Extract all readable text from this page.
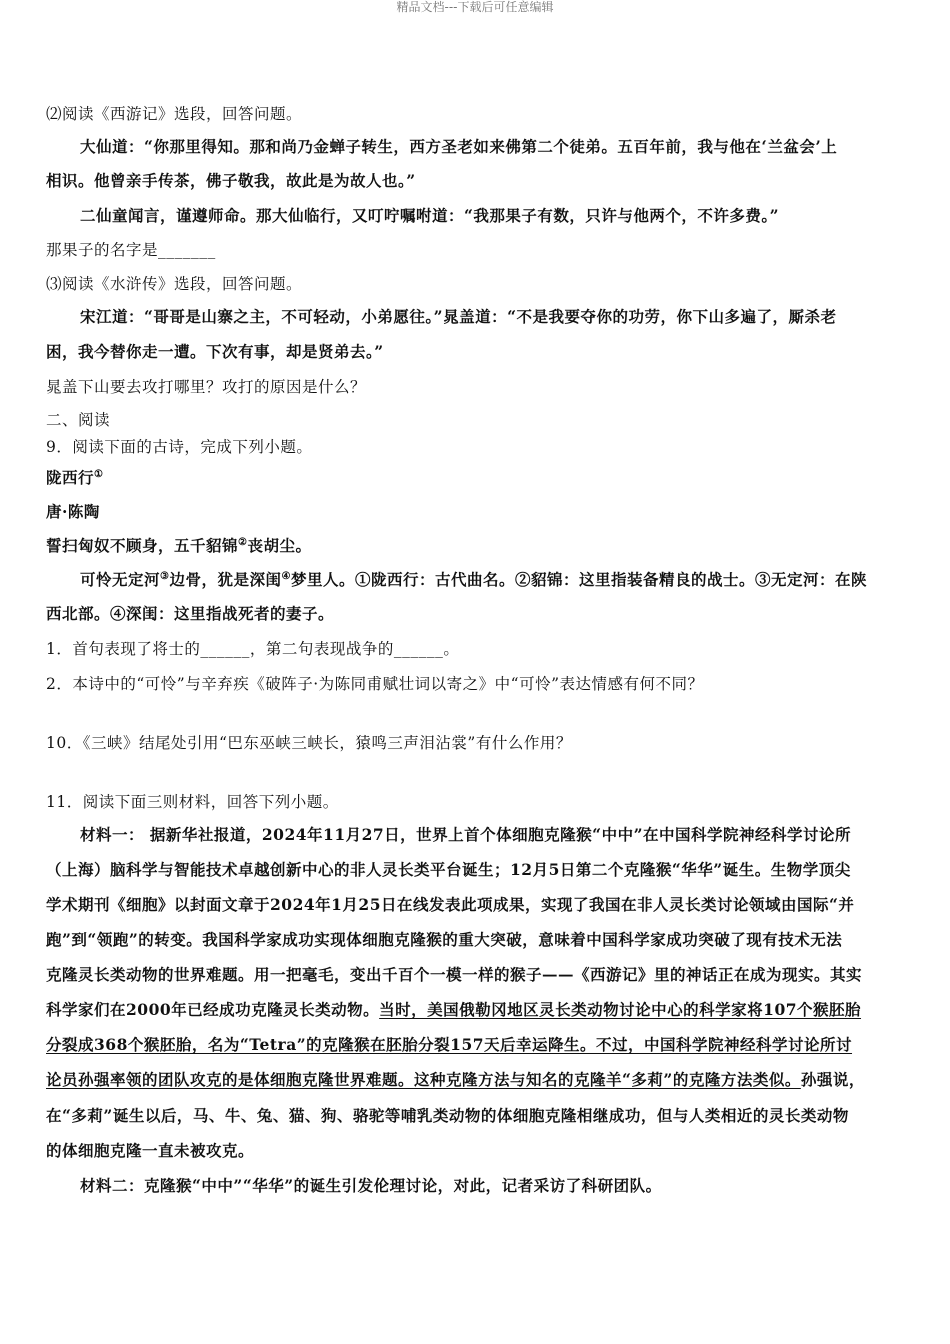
精品文档---下载后可任意编辑
⑵阅读《西游记》选段，回答问题。
大仙道：“你那里得知。那和尚乃金蝉子转生，西方圣老如来佛第二个徒弟。五百年前，我与他在‘兰盆会’上
相识。他曾亲手传茶，佛子敬我，故此是为故人也。”
二仙童闻言，谨遵师命。那大仙临行，又叮咛嘱咐道：“我那果子有数，只许与他两个，不许多费。”
那果子的名字是_______
⑶阅读《水浒传》选段，回答问题。
宋江道：“哥哥是山寨之主，不可轻动，小弟愿往。”晁盖道：“不是我要夺你的功劳，你下山多遍了，厮杀老
困，我今替你走一遭。下次有事，却是贤弟去。”
晁盖下山要去攻打哪里？攻打的原因是什么？
二、阅读
9．阅读下面的古诗，完成下列小题。
陇西行①
唐·陈陶
誓扫匈奴不顾身，五千貂锦②丧胡尘。
可怜无定河③边骨，犹是深闺④梦里人。①陇西行：古代曲名。②貂锦：这里指装备精良的战士。③无定河：在陕
西北部。④深闺：这里指战死者的妻子。
1．首句表现了将士的______，第二句表现战争的______。
2．本诗中的“可怜”与辛弃疾《破阵子·为陈同甫赋壮词以寄之》中“可怜”表达情感有何不同？
10．《三峡》结尾处引用“巴东巫峡三峡长，猿鸣三声泪沾裳”有什么作用？
11．阅读下面三则材料，回答下列小题。
材料一： 据新华社报道，2024年11月27日，世界上首个体细胞克隆猴“中中”在中国科学院神经科学讨论所
（上海）脑科学与智能技术卓越创新中心的非人灵长类平台诞生；12月5日第二个克隆猴“华华”诞生。生物学顶尖
学术期刊《细胞》以封面文章于2024年1月25日在线发表此项成果，实现了我国在非人灵长类讨论领域由国际“并
跑”到“领跑”的转变。我国科学家成功实现体细胞克隆猴的重大突破，意味着中国科学家成功突破了现有技术无法
克隆灵长类动物的世界难题。用一把毫毛，变出千百个一模一样的猴子——《西游记》里的神话正在成为现实。其实
科学家们在2000年已经成功克隆灵长类动物。当时，美国俄勒冈地区灵长类动物讨论中心的科学家将107个猴胚胎
分裂成368个猴胚胎，名为“Tetra”的克隆猴在胚胎分裂157天后幸运降生。不过，中国科学院神经科学讨论所讨
论员孙强率领的团队攻克的是体细胞克隆世界难题。这种克隆方法与知名的克隆羊“多莉”的克隆方法类似。孙强说，
在“多莉”诞生以后，马、牛、兔、猫、狗、骆驼等哺乳类动物的体细胞克隆相继成功，但与人类相近的灵长类动物
的体细胞克隆一直未被攻克。
材料二：克隆猴“中中”“华华”的诞生引发伦理讨论，对此，记者采访了科研团队。
